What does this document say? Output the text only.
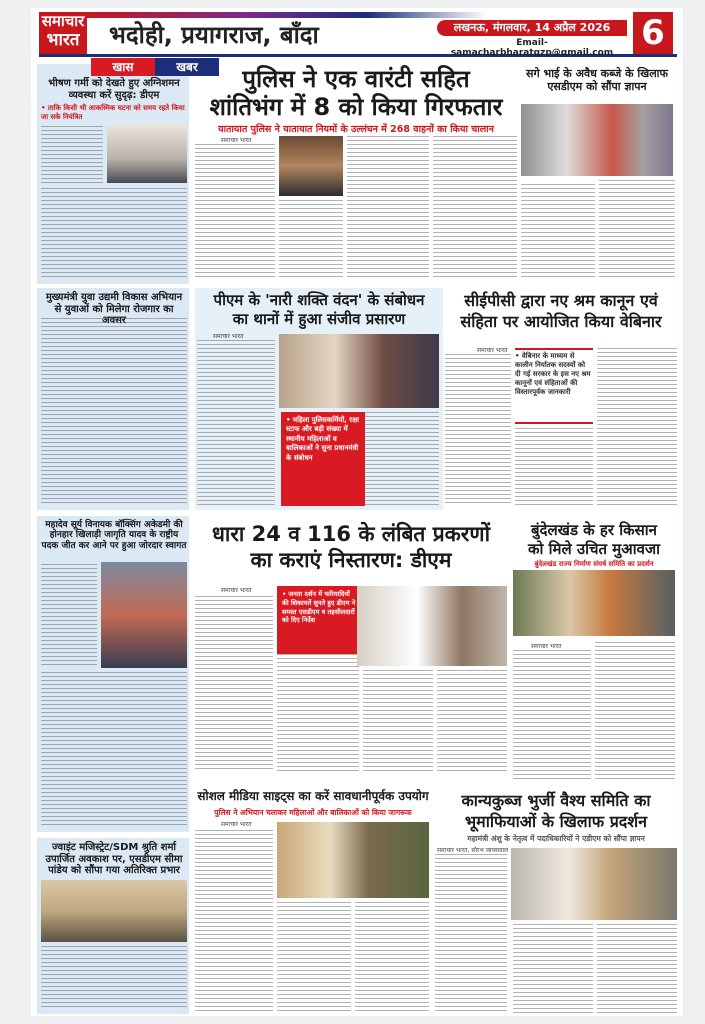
समाचार
भारत	भदोही, प्रयागराज, बाँदा	लखनऊ, मंगलवार, 14 अप्रैल 2026
Email-samacharbharatgzp@gmail.com 6
खास	खबर
भीषण गर्मी को देखते हुए अग्निशमन व्यवस्था करें सुदृढ़: डीएम
• ताकि किसी भी आकस्मिक घटना को समय रहते किया जा सके नियंत्रित
मुख्यमंत्री युवा उद्यमी विकास अभियान से युवाओं को मिलेगा रोजगार का अवसर
महादेव सूर्य विनायक बॉक्सिंग अकेडमी की होनहार खिलाड़ी जागृति यादव के राष्ट्रीय पदक जीत कर आने पर हुआ जोरदार स्वागत
ज्वाइंट मजिस्ट्रेट/SDM श्रुति शर्मा उपार्जित अवकाश पर, एसडीएम सीमा पांडेय को सौंपा गया अतिरिक्त प्रभार
पुलिस ने एक वारंटी सहित
शांतिभंग में 8 को किया गिरफतार
यातायात पुलिस ने यातायात नियमों के उल्लंघन में 268 वाहनों का किया चालान
समाचार भारत
सगे भाई के अवैध कब्जे के खिलाफ एसडीएम को सौंपा ज्ञापन
पीएम के 'नारी शक्ति वंदन' के संबोधन
का थानों में हुआ संजीव प्रसारण
समाचार भारत
• महिला पुलिसकर्मियों, रक्षा स्टाफ और बड़ी संख्या में स्थानीय महिलाओं व बालिकाओं ने सुना प्रधानमंत्री के संबोधन
सीईपीसी द्वारा नए श्रम कानून एवं
संहिता पर आयोजित किया वेबिनार
समाचार भारत
• वेबिनार के माध्यम से कालीन निर्यातक सदस्यों को दी गई सरकार के इस नए श्रम कानूनों एवं संहिताओं की विस्तारपूर्वक जानकारी
धारा 24 व 116 के लंबित प्रकरणों
का कराएं निस्तारण: डीएम
समाचार भारत	• जनता दर्शन में फरियादियों की शिकायतें सुनते हुए डीएम ने समस्त एसडीएम व तहसीलदारों को दिए निर्देश
बुंदेलखंड के हर किसान
को मिले उचित मुआवजा
बुंदेलखंड राज्य निर्माण संघर्ष समिति का प्रदर्शन
समाचार भारत
सोशल मीडिया साइट्स का करें सावधानीपूर्वक उपयोग
पुलिस ने अभियान चलाकर महिलाओं और बालिकाओं को किया जागरूक
समाचार भारत
कान्यकुब्ज भुर्जी वैश्य समिति का
भूमाफियाओं के खिलाफ प्रदर्शन
महामंत्री अंशु के नेतृत्व में पदाधिकारियों ने एडीएम को सौंपा ज्ञापन
समाचार भारत, सौरभ जायसवाल
